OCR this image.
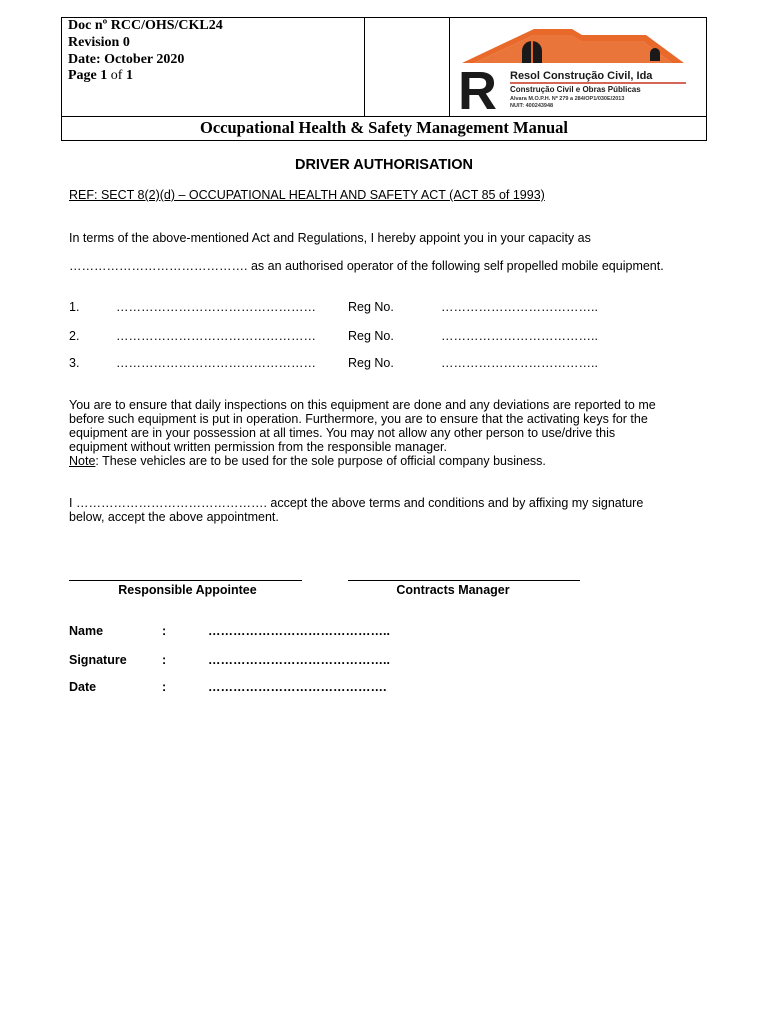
Doc nº RCC/OHS/CKL24
Revision 0
Date: October 2020
Page 1 of 1
Occupational Health & Safety Management Manual
R Resol Construção Civil, Ida
Construção Civil e Obras Públicas
Alvara M.O.P.H. Nº 279 a 284/OP1/030E/2013
NUIT: 400243948
DRIVER AUTHORISATION
REF: SECT 8(2)(d) – OCCUPATIONAL HEALTH AND SAFETY ACT (ACT 85 of 1993)
In terms of the above-mentioned Act and Regulations, I hereby appoint you in your capacity as
……………………………………. as an authorised operator of the following self propelled mobile equipment.
1.	…………………………………………	Reg No.	………………………………..
2.	…………………………………………	Reg No.	………………………………..
3.	…………………………………………	Reg No.	………………………………..
You are to ensure that daily inspections on this equipment are done and any deviations are reported to me
before such equipment is put in operation. Furthermore, you are to ensure that the activating keys for the
equipment are in your possession at all times. You may not allow any other person to use/drive this
equipment without written permission from the responsible manager.
Note: These vehicles are to be used for the sole purpose of official company business.
I ………………………………………. accept the above terms and conditions and by affixing my signature
below, accept the above appointment.
Responsible Appointee	Contracts Manager
Name	:	……………………………………..
Signature	:	……………………………………..
Date	:	…………………………………….
